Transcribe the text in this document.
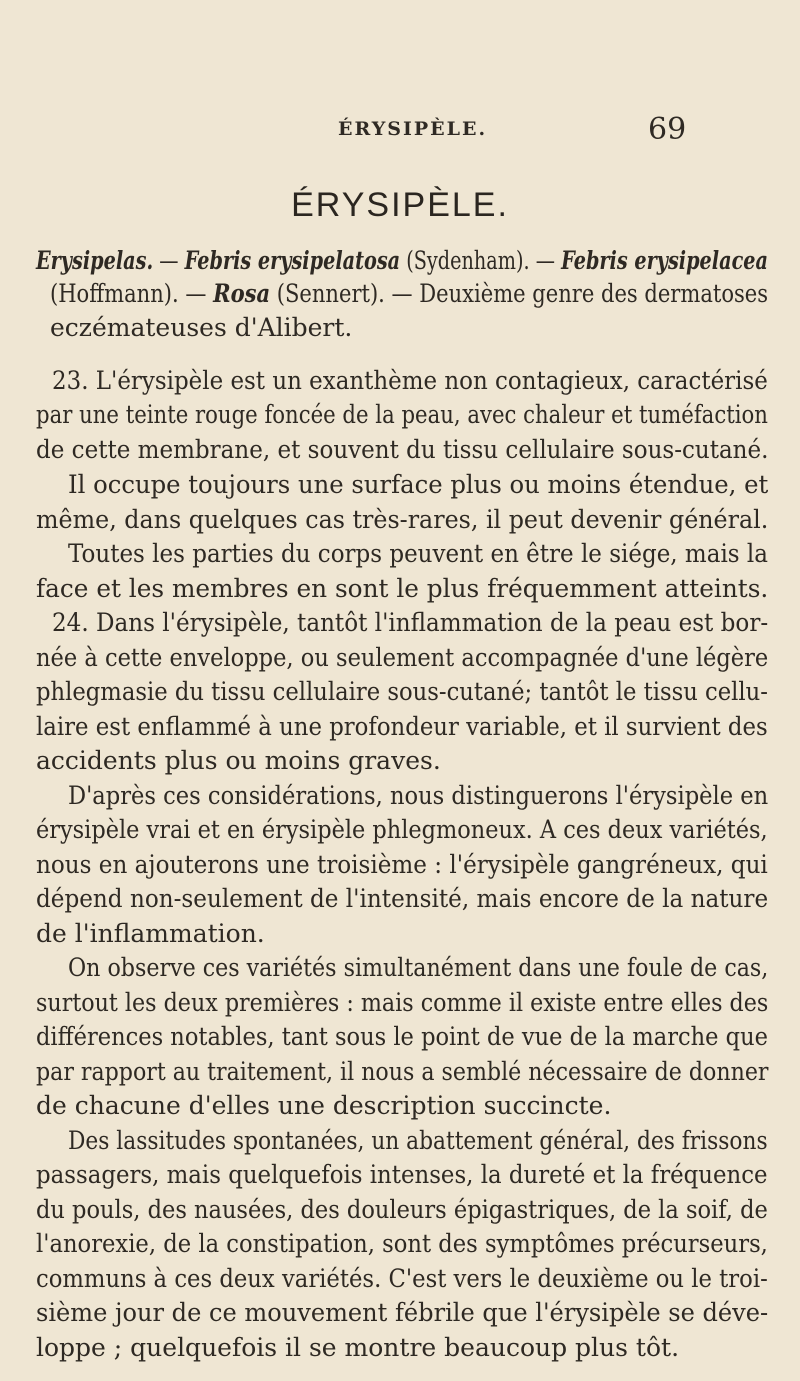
ÉRYSIPÈLE.	69
ÉRYSIPÈLE.
Erysipelas. — Febris erysipelatosa (Sydenham). — Febris erysipelacea
(Hoffmann). — Rosa (Sennert). — Deuxième genre des dermatoses
eczémateuses d'Alibert.
23. L'érysipèle est un exanthème non contagieux, caractérisé
par une teinte rouge foncée de la peau, avec chaleur et tuméfaction
de cette membrane, et souvent du tissu cellulaire sous-cutané.
Il occupe toujours une surface plus ou moins étendue, et
même, dans quelques cas très-rares, il peut devenir général.
Toutes les parties du corps peuvent en être le siége, mais la
face et les membres en sont le plus fréquemment atteints.
24. Dans l'érysipèle, tantôt l'inflammation de la peau est bor-
née à cette enveloppe, ou seulement accompagnée d'une légère
phlegmasie du tissu cellulaire sous-cutané; tantôt le tissu cellu-
laire est enflammé à une profondeur variable, et il survient des
accidents plus ou moins graves.
D'après ces considérations, nous distinguerons l'érysipèle en
érysipèle vrai et en érysipèle phlegmoneux. A ces deux variétés,
nous en ajouterons une troisième : l'érysipèle gangréneux, qui
dépend non-seulement de l'intensité, mais encore de la nature
de l'inflammation.
On observe ces variétés simultanément dans une foule de cas,
surtout les deux premières : mais comme il existe entre elles des
différences notables, tant sous le point de vue de la marche que
par rapport au traitement, il nous a semblé nécessaire de donner
de chacune d'elles une description succincte.
Des lassitudes spontanées, un abattement général, des frissons
passagers, mais quelquefois intenses, la dureté et la fréquence
du pouls, des nausées, des douleurs épigastriques, de la soif, de
l'anorexie, de la constipation, sont des symptômes précurseurs,
communs à ces deux variétés. C'est vers le deuxième ou le troi-
sième jour de ce mouvement fébrile que l'érysipèle se déve-
loppe ; quelquefois il se montre beaucoup plus tôt.
